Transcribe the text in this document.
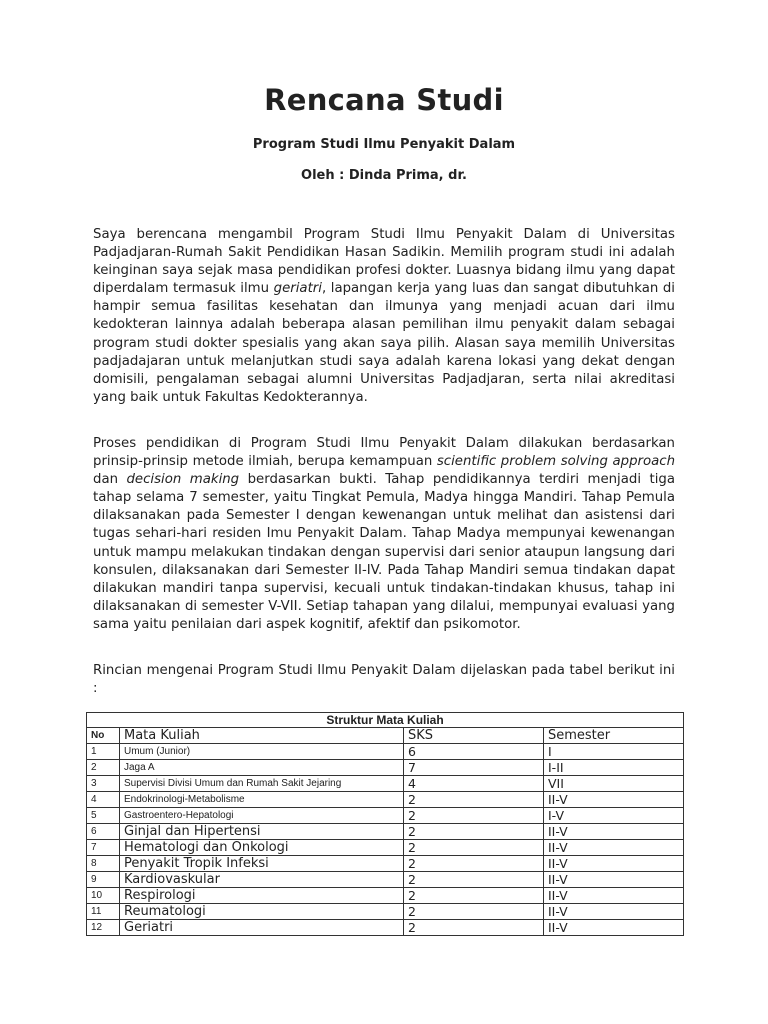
Rencana Studi
Program Studi Ilmu Penyakit Dalam
Oleh : Dinda Prima, dr.

Saya berencana mengambil Program Studi Ilmu Penyakit Dalam di Universitas Padjadjaran-Rumah Sakit Pendidikan Hasan Sadikin. Memilih program studi ini adalah keinginan saya sejak masa pendidikan profesi dokter. Luasnya bidang ilmu yang dapat diperdalam termasuk ilmu geriatri, lapangan kerja yang luas dan sangat dibutuhkan di hampir semua fasilitas kesehatan dan ilmunya yang menjadi acuan dari ilmu kedokteran lainnya adalah beberapa alasan pemilihan ilmu penyakit dalam sebagai program studi dokter spesialis yang akan saya pilih. Alasan saya memilih Universitas padjadajaran untuk melanjutkan studi saya adalah karena lokasi yang dekat dengan domisili, pengalaman sebagai alumni Universitas Padjadjaran, serta nilai akreditasi yang baik untuk Fakultas Kedokterannya.

Proses pendidikan di Program Studi Ilmu Penyakit Dalam dilakukan berdasarkan prinsip-prinsip metode ilmiah, berupa kemampuan scientific problem solving approach dan decision making berdasarkan bukti. Tahap pendidikannya terdiri menjadi tiga tahap selama 7 semester, yaitu Tingkat Pemula, Madya hingga Mandiri. Tahap Pemula dilaksanakan pada Semester I dengan kewenangan untuk melihat dan asistensi dari tugas sehari-hari residen Imu Penyakit Dalam. Tahap Madya mempunyai kewenangan untuk mampu melakukan tindakan dengan supervisi dari senior ataupun langsung dari konsulen, dilaksanakan dari Semester II-IV. Pada Tahap Mandiri semua tindakan dapat dilakukan mandiri tanpa supervisi, kecuali untuk tindakan-tindakan khusus, tahap ini dilaksanakan di semester V-VII. Setiap tahapan yang dilalui, mempunyai evaluasi yang sama yaitu penilaian dari aspek kognitif, afektif dan psikomotor.

Rincian mengenai Program Studi Ilmu Penyakit Dalam dijelaskan pada tabel berikut ini :

Struktur Mata Kuliah			
No	Mata Kuliah	SKS	Semester
1	Umum (Junior)	6	I
2	Jaga A	7	I-II
3	Supervisi Divisi Umum dan Rumah Sakit Jejaring	4	VII
4	Endokrinologi-Metabolisme	2	II-V
5	Gastroentero-Hepatologi	2	I-V
6	Ginjal dan Hipertensi	2	II-V
7	Hematologi dan Onkologi	2	II-V
8	Penyakit Tropik Infeksi	2	II-V
9	Kardiovaskular	2	II-V
10	Respirologi	2	II-V
11	Reumatologi	2	II-V
12	Geriatri	2	II-V
